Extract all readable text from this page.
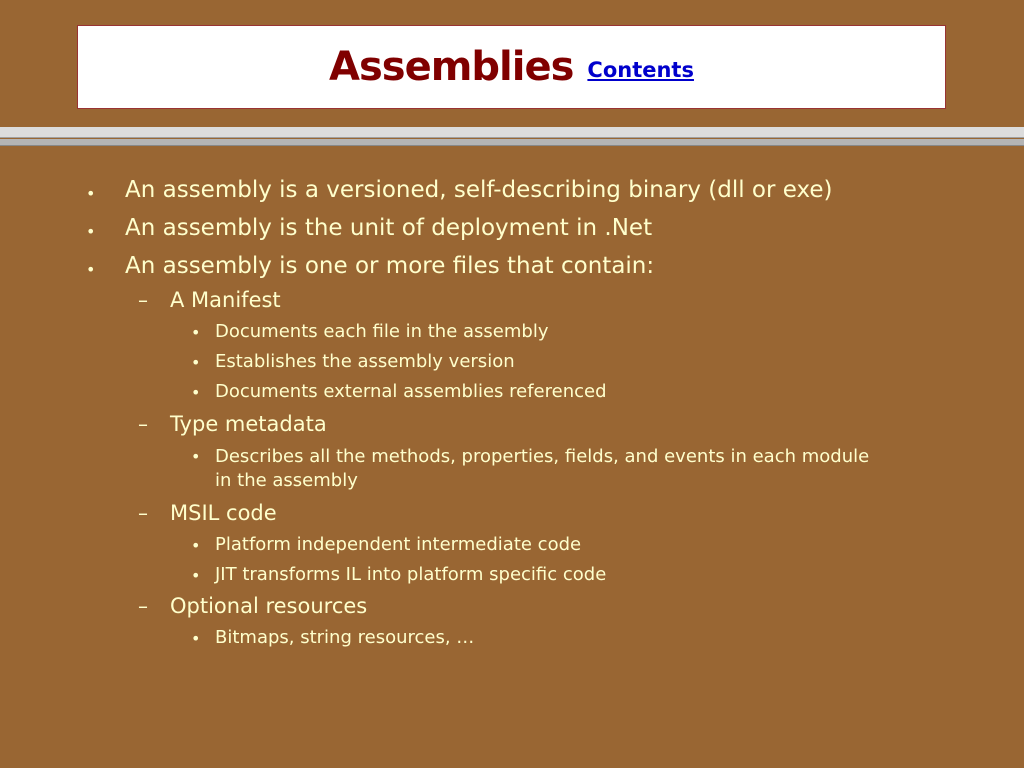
Assemblies Contents
• An assembly is a versioned, self-describing binary (dll or exe)
• An assembly is the unit of deployment in .Net
• An assembly is one or more files that contain:
– A Manifest
• Documents each file in the assembly
• Establishes the assembly version
• Documents external assemblies referenced
– Type metadata
• Describes all the methods, properties, fields, and events in each module in the assembly
– MSIL code
• Platform independent intermediate code
• JIT transforms IL into platform specific code
– Optional resources
• Bitmaps, string resources, …
